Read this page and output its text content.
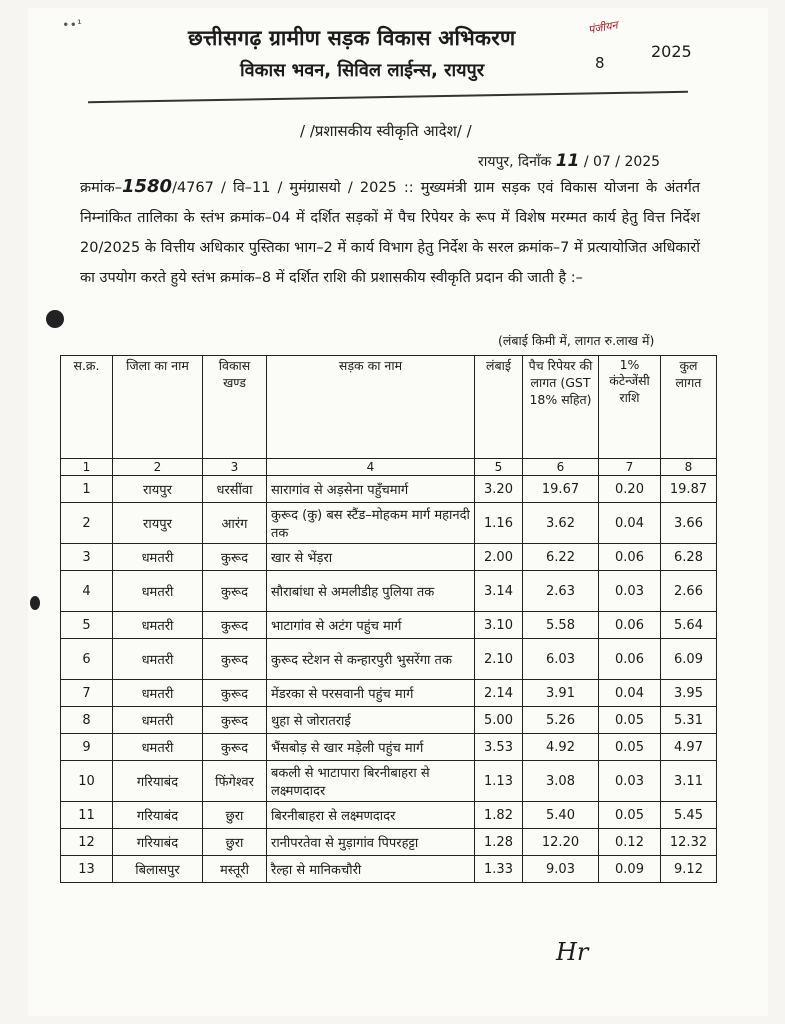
∙∙¹
छत्तीसगढ़ ग्रामीण सड़क विकास अभिकरण	पंजीयन
8
2025
विकास भवन, सिविल लाईन्स, रायपुर
/ /प्रशासकीय स्वीकृति आदेश/ /
रायपुर, दिनाँक 11 / 07 / 2025
क्रमांक–1580/4767 / वि–11 / मुमंग्रासयो / 2025 :: मुख्यमंत्री ग्राम सड़क एवं विकास योजना के अंतर्गत निम्नांकित तालिका के स्तंभ क्रमांक–04 में दर्शित सड़कों में पैच रिपेयर के रूप में विशेष मरम्मत कार्य हेतु वित्त निर्देश 20/2025 के वित्तीय अधिकार पुस्तिका भाग–2 में कार्य विभाग हेतु निर्देश के सरल क्रमांक–7 में प्रत्यायोजित अधिकारों का उपयोग करते हुये स्तंभ क्रमांक–8 में दर्शित राशि की प्रशासकीय स्वीकृति प्रदान की जाती है :–
(लंबाई किमी में, लागत रु.लाख में)
स.क्र.	जिला का नाम	विकास खण्ड	सड़क का नाम	लंबाई	पैच रिपेयर की लागत (GST 18% सहित)	1% कंटेन्जेंसी राशि	कुल लागत
1	2	3	4	5	6	7	8
1	रायपुर	धरसींवा	सारागांव से अड़सेना पहुँचमार्ग	3.20	19.67	0.20	19.87
2	रायपुर	आरंग	कुरूद (कु) बस स्टैंड–मोहकम मार्ग महानदी तक	1.16	3.62	0.04	3.66
3	धमतरी	कुरूद	खार से भेंड़रा	2.00	6.22	0.06	6.28
4	धमतरी	कुरूद	सौराबांधा से अमलीडीह पुलिया तक	3.14	2.63	0.03	2.66
5	धमतरी	कुरूद	भाटागांव से अटंग पहुंच मार्ग	3.10	5.58	0.06	5.64
6	धमतरी	कुरूद	कुरूद स्टेशन से कन्हारपुरी भुसरेंगा तक	2.10	6.03	0.06	6.09
7	धमतरी	कुरूद	मेंडरका से परसवानी पहुंच मार्ग	2.14	3.91	0.04	3.95
8	धमतरी	कुरूद	थुहा से जोरातराई	5.00	5.26	0.05	5.31
9	धमतरी	कुरूद	भैंसबोड़ से खार मड़ेली पहुंच मार्ग	3.53	4.92	0.05	4.97
10	गरियाबंद	फिंगेश्वर	बकली से भाटापारा बिरनीबाहरा से लक्ष्मणदादर	1.13	3.08	0.03	3.11
11	गरियाबंद	छुरा	बिरनीबाहरा से लक्ष्मणदादर	1.82	5.40	0.05	5.45
12	गरियाबंद	छुरा	रानीपरतेवा से मुड़ागांव पिपरहट्टा	1.28	12.20	0.12	12.32
13	बिलासपुर	मस्तूरी	रैल्हा से मानिकचौरी	1.33	9.03	0.09	9.12
Hr
